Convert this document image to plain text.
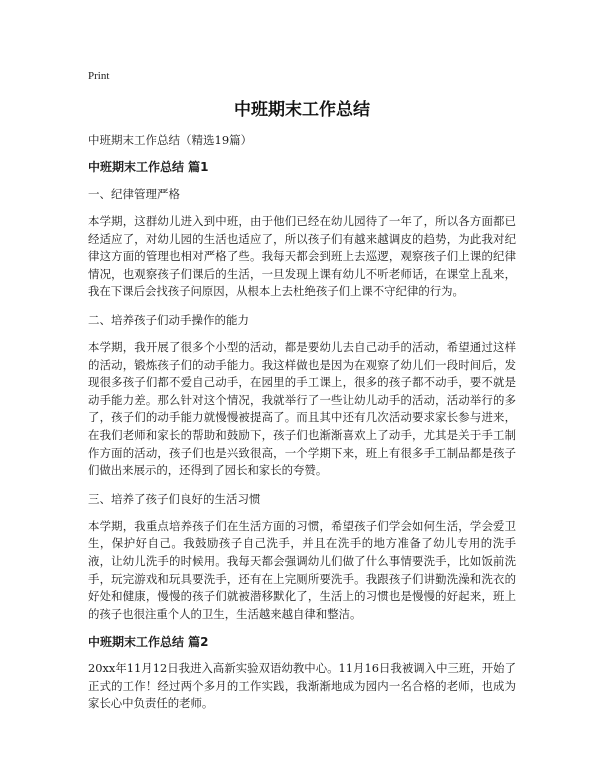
Print
中班期末工作总结

中班期末工作总结（精选19篇）

中班期末工作总结 篇1

一、纪律管理严格

本学期，这群幼儿进入到中班，由于他们已经在幼儿园待了一年了，所以各方面都已经适应了，对幼儿园的生活也适应了，所以孩子们有越来越调皮的趋势，为此我对纪律这方面的管理也相对严格了些。我每天都会到班上去巡逻，观察孩子们上课的纪律情况，也观察孩子们课后的生活，一旦发现上课有幼儿不听老师话，在课堂上乱来，我在下课后会找孩子问原因，从根本上去杜绝孩子们上课不守纪律的行为。

二、培养孩子们动手操作的能力

本学期，我开展了很多个小型的活动，都是要幼儿去自己动手的活动，希望通过这样的活动，锻炼孩子们的动手能力。我这样做也是因为在观察了幼儿们一段时间后，发现很多孩子们都不爱自己动手，在园里的手工课上，很多的孩子都不动手，要不就是动手能力差。那么针对这个情况，我就举行了一些让幼儿动手的活动，活动举行的多了，孩子们的动手能力就慢慢被提高了。而且其中还有几次活动要求家长参与进来，在我们老师和家长的帮助和鼓励下，孩子们也渐渐喜欢上了动手，尤其是关于手工制作方面的活动，孩子们也是兴致很高，一个学期下来，班上有很多手工制品都是孩子们做出来展示的，还得到了园长和家长的夸赞。

三、培养了孩子们良好的生活习惯

本学期，我重点培养孩子们在生活方面的习惯，希望孩子们学会如何生活，学会爱卫生，保护好自己。我鼓励孩子自己洗手，并且在洗手的地方准备了幼儿专用的洗手液，让幼儿洗手的时候用。我每天都会强调幼儿们做了什么事情要洗手，比如饭前洗手，玩完游戏和玩具要洗手，还有在上完厕所要洗手。我跟孩子们讲勤洗澡和洗衣的好处和健康，慢慢的孩子们就被潜移默化了，生活上的习惯也是慢慢的好起来，班上的孩子也很注重个人的卫生，生活越来越自律和整洁。

中班期末工作总结 篇2

20xx年11月12日我进入高新实验双语幼教中心。11月16日我被调入中三班，开始了正式的工作！经过两个多月的工作实践，我渐渐地成为园内一名合格的老师，也成为家长心中负责任的老师。
